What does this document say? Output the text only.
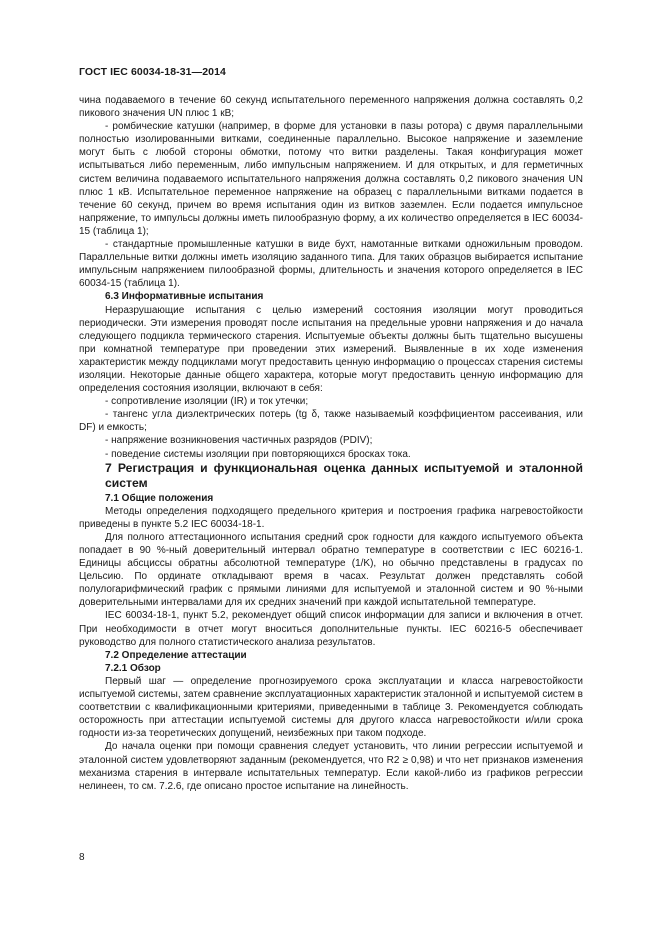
ГОСТ IEC 60034-18-31—2014

чина подаваемого в течение 60 секунд испытательного переменного напряжения должна составлять 0,2 пикового значения UN плюс 1 кВ;

- ромбические катушки (например, в форме для установки в пазы ротора) с двумя параллельными полностью изолированными витками, соединенные параллельно. Высокое напряжение и заземление могут быть с любой стороны обмотки, потому что витки разделены. Такая конфигурация может испытываться либо переменным, либо импульсным напряжением. И для открытых, и для герметичных систем величина подаваемого испытательного напряжения должна составлять 0,2 пикового значения UN плюс 1 кВ. Испытательное переменное напряжение на образец с параллельными витками подается в течение 60 секунд, причем во время испытания один из витков заземлен. Если подается импульсное напряжение, то импульсы должны иметь пилообразную форму, а их количество определяется в IEC 60034-15 (таблица 1);

- стандартные промышленные катушки в виде бухт, намотанные витками одножильным проводом. Параллельные витки должны иметь изоляцию заданного типа. Для таких образцов выбирается испытание импульсным напряжением пилообразной формы, длительность и значения которого определяется в IEC 60034-15 (таблица 1).

6.3 Информативные испытания

Неразрушающие испытания с целью измерений состояния изоляции могут проводиться периодически. Эти измерения проводят после испытания на предельные уровни напряжения и до начала следующего подцикла термического старения. Испытуемые объекты должны быть тщательно высушены при комнатной температуре при проведении этих измерений. Выявленные в их ходе изменения характеристик между подциклами могут предоставить ценную информацию о процессах старения системы изоляции. Некоторые данные общего характера, которые могут предоставить ценную информацию для определения состояния изоляции, включают в себя:

- сопротивление изоляции (IR) и ток утечки;

- тангенс угла диэлектрических потерь (tg δ, также называемый коэффициентом рассеивания, или DF) и емкость;

- напряжение возникновения частичных разрядов (PDIV);

- поведение системы изоляции при повторяющихся бросках тока.

7 Регистрация и функциональная оценка данных испытуемой и эталонной систем

7.1 Общие положения

Методы определения подходящего предельного критерия и построения графика нагревостойкости приведены в пункте 5.2 IEC 60034-18-1.

Для полного аттестационного испытания средний срок годности для каждого испытуемого объекта попадает в 90 %-ный доверительный интервал обратно температуре в соответствии с IEC 60216-1. Единицы абсциссы обратны абсолютной температуре (1/K), но обычно представлены в градусах по Цельсию. По ординате откладывают время в часах. Результат должен представлять собой полулогарифмический график с прямыми линиями для испытуемой и эталонной систем и 90 %-ными доверительными интервалами для их средних значений при каждой испытательной температуре.

IEC 60034-18-1, пункт 5.2, рекомендует общий список информации для записи и включения в отчет. При необходимости в отчет могут вноситься дополнительные пункты. IEC 60216-5 обеспечивает руководство для полного статистического анализа результатов.

7.2 Определение аттестации

7.2.1 Обзор

Первый шаг — определение прогнозируемого срока эксплуатации и класса нагревостойкости испытуемой системы, затем сравнение эксплуатационных характеристик эталонной и испытуемой систем в соответствии с квалификационными критериями, приведенными в таблице 3. Рекомендуется соблюдать осторожность при аттестации испытуемой системы для другого класса нагревостойкости и/или срока годности из-за теоретических допущений, неизбежных при таком подходе.

До начала оценки при помощи сравнения следует установить, что линии регрессии испытуемой и эталонной систем удовлетворяют заданным (рекомендуется, что R2 ≥ 0,98) и что нет признаков изменения механизма старения в интервале испытательных температур. Если какой-либо из графиков регрессии нелинеен, то см. 7.2.6, где описано простое испытание на линейность.

8
